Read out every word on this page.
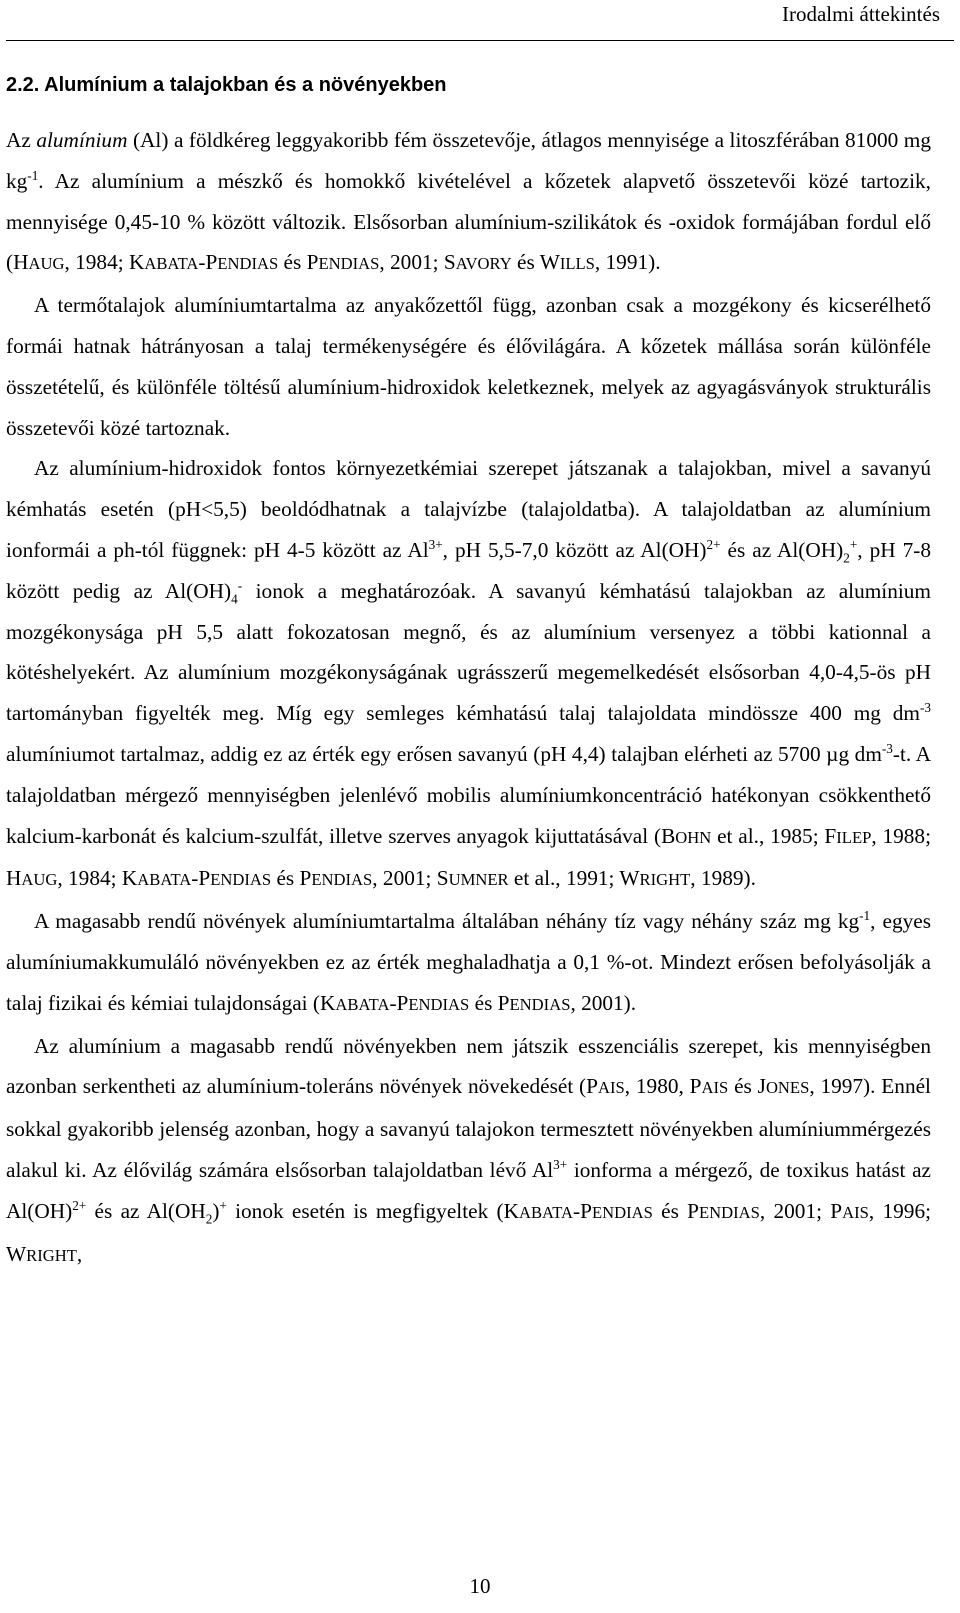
Irodalmi áttekintés
2.2. Alumínium a talajokban és a növényekben

Az alumínium (Al) a földkéreg leggyakoribb fém összetevője, átlagos mennyisége a litoszférában 81000 mg $kg^{-1}$. Az alumínium a mészkő és homokkő kivételével a kőzetek alapvető összetevői közé tartozik, mennyisége 0,45-10 % között változik. Elsősorban alumínium-szilikátok és -oxidok formájában fordul elő (HAUG, 1984; KABATA-PENDIAS és PENDIAS, 2001; SAVORY és WILLS, 1991).

A termőtalajok alumíniumtartalma az anyakőzettől függ, azonban csak a mozgékony és kicserélhető formái hatnak hátrányosan a talaj termékenységére és élővilágára. A kőzetek mállása során különféle összetételű, és különféle töltésű alumínium-hidroxidok keletkeznek, melyek az agyagásványok strukturális összetevői közé tartoznak.

Az alumínium-hidroxidok fontos környezetkémiai szerepet játszanak a talajokban, mivel a savanyú kémhatás esetén (pH<5,5) beoldódhatnak a talajvízbe (talajoldatba). A talajoldatban az alumínium ionformái a ph-tól függnek: pH 4-5 között az $Al^{3+}$, pH 5,5-7,0 között az Al(OH)$^{2+}$ és az $Al(OH)_2^+$, pH 7-8 között pedig az $Al(OH)_4^-$ ionok a meghatározóak. A savanyú kémhatású talajokban az alumínium mozgékonysága pH 5,5 alatt fokozatosan megnő, és az alumínium versenyez a többi kationnal a kötéshelyekért. Az alumínium mozgékonyságának ugrásszerű megemelkedését elsősorban 4,0-4,5-ös pH tartományban figyelték meg. Míg egy semleges kémhatású talaj talajoldata mindössze 400 mg $dm^{-3}$ alumíniumot tartalmaz, addig ez az érték egy erősen savanyú (pH 4,4) talajban elérheti az 5700 µg $dm^{-3}-t$. A talajoldatban mérgező mennyiségben jelenlévő mobilis alumíniumkoncentráció hatékonyan csökkenthető kalcium-karbonát és kalcium-szulfát, illetve szerves anyagok kijuttatásával (BOHN et al., 1985; FILEP, 1988; HAUG, 1984; KABATA-PENDIAS és PENDIAS, 2001; SUMNER et al., 1991; WRIGHT, 1989).

A magasabb rendű növények alumíniumtartalma általában néhány tíz vagy néhány száz mg $kg^{-1}$, egyes alumíniumakkumuláló növényekben ez az érték meghaladhatja a 0,1 %-ot. Mindezt erősen befolyásolják a talaj fizikai és kémiai tulajdonságai (KABATA-PENDIAS és PENDIAS, 2001).

Az alumínium a magasabb rendű növényekben nem játszik esszenciális szerepet, kis mennyiségben azonban serkentheti az alumínium-toleráns növények növekedését (PAIS, 1980, PAIS és JONES, 1997). Ennél sokkal gyakoribb jelenség azonban, hogy a savanyú talajokon termesztett növényekben alumíniummérgezés alakul ki. Az élővilág számára elsősorban talajoldatban lévő $Al^{3+}$ ionforma a mérgező, de toxikus hatást az Al(OH)$^{2+}$ és az $Al(OH_2)^+$ ionok esetén is megfigyeltek (KABATA-PENDIAS és PENDIAS, 2001; PAIS, 1996; WRIGHT,

10
